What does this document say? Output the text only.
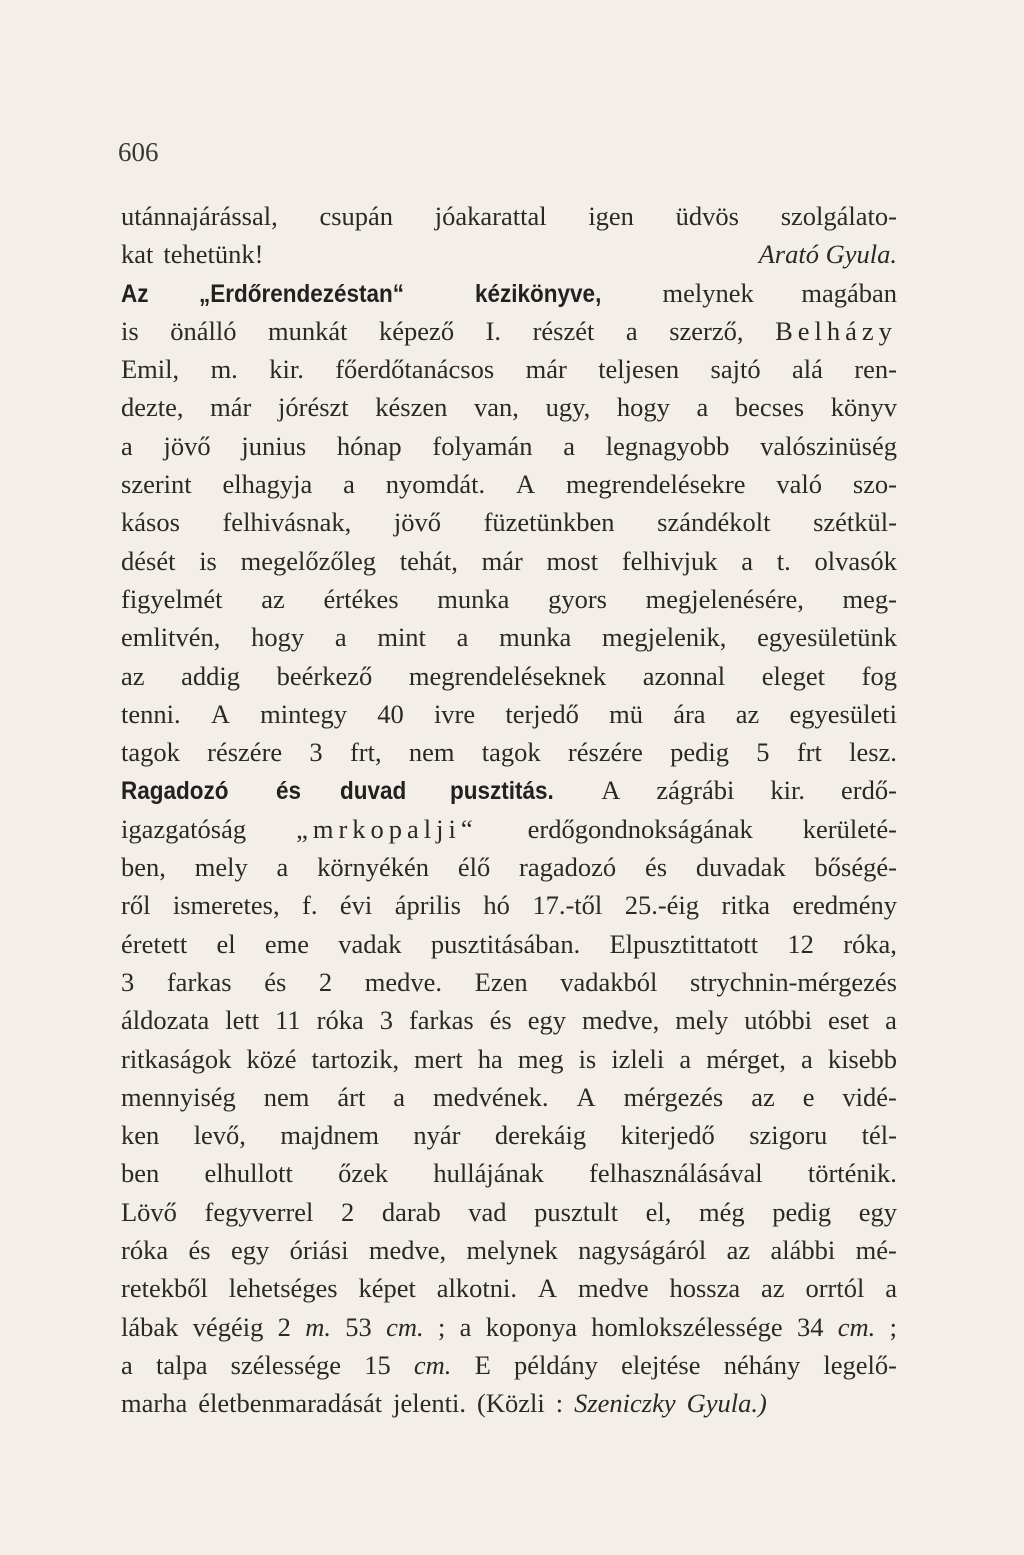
606
utánnajárással, csupán jóakarattal igen üdvös szolgálato-
kat tehetünk!	Arató Gyula.
Az „Erdőrendezéstan“	kézikönyve, melynek magában
is önálló munkát képező I. részét a szerző, Belházy
Emil, m. kir. főerdőtanácsos már teljesen sajtó alá ren-
dezte, már jórészt készen van, ugy, hogy a becses könyv
a jövő junius hónap folyamán a legnagyobb valószinüség
szerint elhagyja a nyomdát. A megrendelésekre való szo-
kásos felhivásnak, jövő füzetünkben szándékolt szétkül-
dését is megelőzőleg tehát, már most felhivjuk a t. olvasók
figyelmét az értékes munka gyors megjelenésére, meg-
emlitvén, hogy a mint a munka megjelenik, egyesületünk
az addig beérkező megrendeléseknek azonnal eleget fog
tenni. A mintegy 40 ivre terjedő mü ára az egyesületi
tagok részére 3 frt, nem tagok részére pedig 5 frt lesz.
Ragadozó és duvad pusztitás. A zágrábi kir. erdő-
igazgatóság „mrkopalji“ erdőgondnokságának kerületé-
ben, mely a környékén élő ragadozó és duvadak bőségé-
ről ismeretes, f. évi április hó 17.-től 25.-éig ritka eredmény
éretett el eme vadak pusztitásában. Elpusztittatott 12 róka,
3 farkas és 2 medve. Ezen vadakból strychnin-mérgezés
áldozata lett 11 róka 3 farkas és egy medve, mely utóbbi eset a
ritkaságok közé tartozik, mert ha meg is izleli a mérget, a kisebb
mennyiség nem árt a medvének. A mérgezés az e vidé-
ken levő, majdnem nyár derekáig kiterjedő szigoru tél-
ben elhullott őzek hullájának felhasználásával történik.
Lövő fegyverrel 2 darab vad pusztult el, még pedig egy
róka és egy óriási medve, melynek nagyságáról az alábbi mé-
retekből lehetséges képet alkotni. A medve hossza az orrtól a
lábak végéig 2 m. 53 cm. ; a koponya homlokszélessége 34 cm. ;
a talpa szélessége 15 cm. E példány elejtése néhány legelő-
marha életbenmaradását jelenti. (Közli : Szeniczky Gyula.)
